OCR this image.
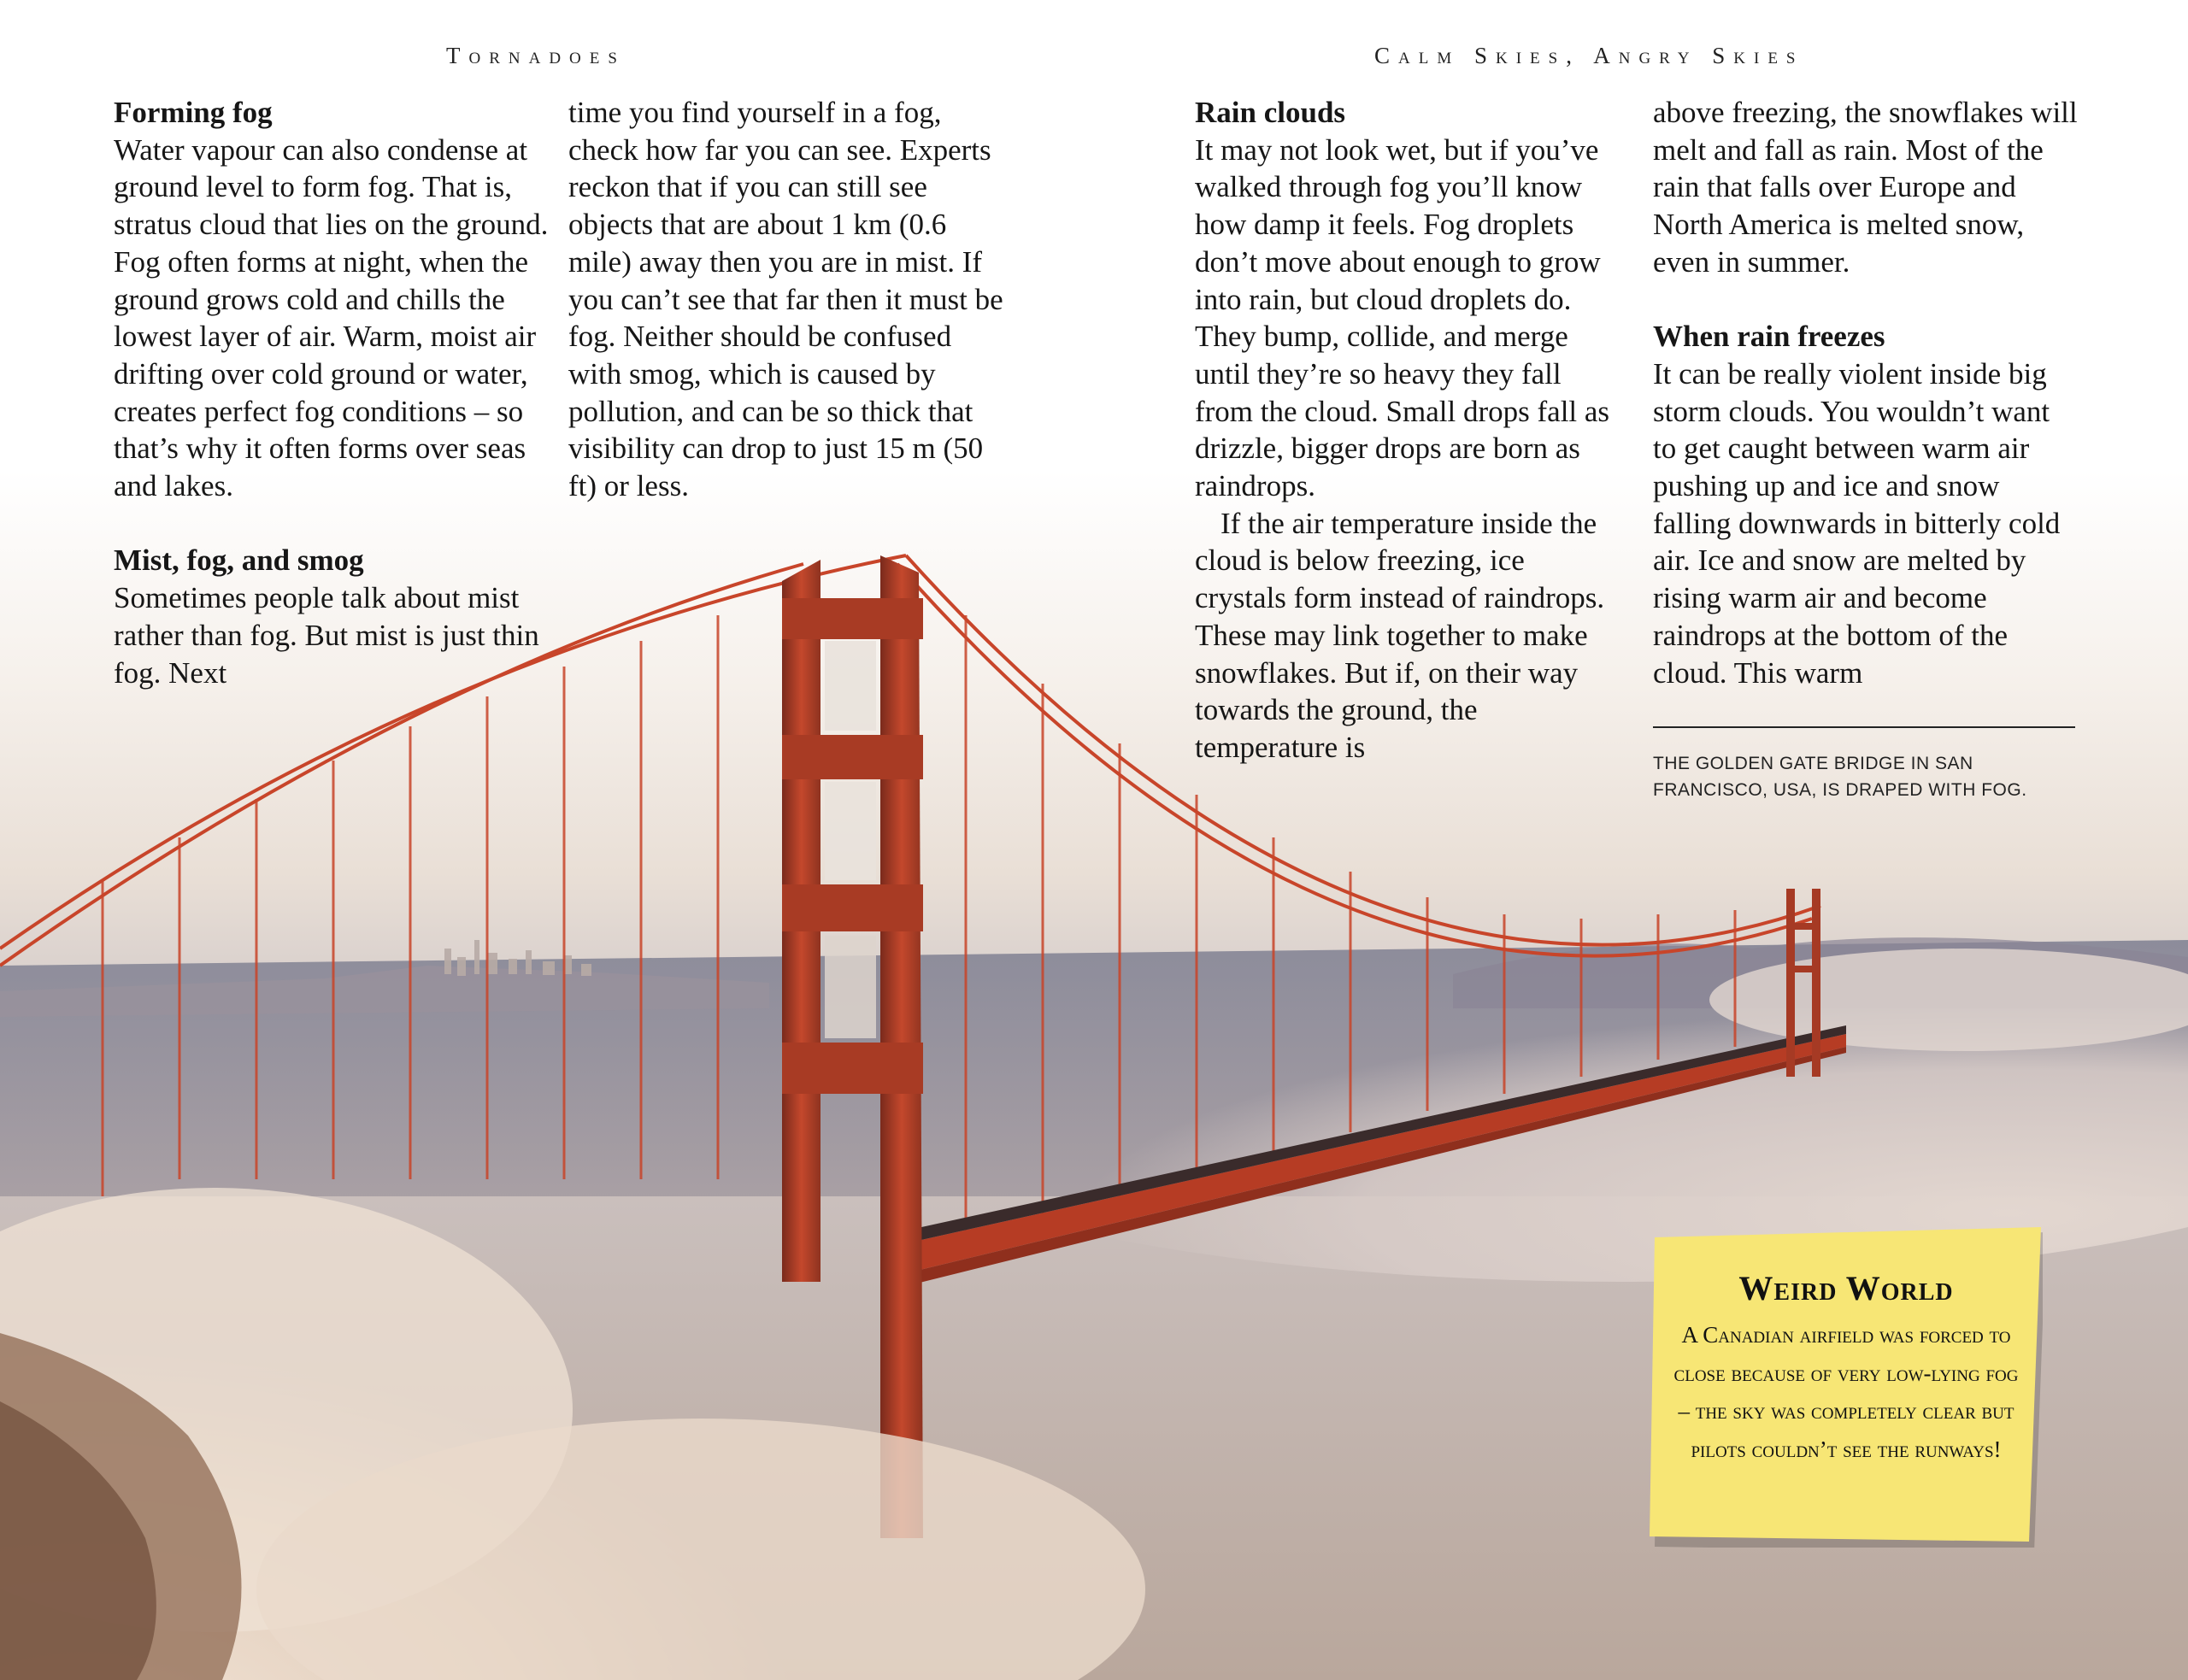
Tornadoes	Calm Skies, Angry Skies
Forming fog

Water vapour can also condense at ground level to form fog. That is, stratus cloud that lies on the ground. Fog often forms at night, when the ground grows cold and chills the lowest layer of air. Warm, moist air drifting over cold ground or water, creates perfect fog conditions – so that’s why it often forms over seas and lakes.

Mist, fog, and smog

Sometimes people talk about mist rather than fog. But mist is just thin fog. Next

time you find yourself in a fog, check how far you can see. Experts reckon that if you can still see objects that are about 1 km (0.6 mile) away then you are in mist. If you can’t see that far then it must be fog. Neither should be confused with smog, which is caused by pollution, and can be so thick that visibility can drop to just 15 m (50 ft) or less.

Rain clouds

It may not look wet, but if you’ve walked through fog you’ll know how damp it feels. Fog droplets don’t move about enough to grow into rain, but cloud droplets do. They bump, collide, and merge until they’re so heavy they fall from the cloud. Small drops fall as drizzle, bigger drops are born as raindrops.

If the air temperature inside the cloud is below freezing, ice crystals form instead of raindrops. These may link together to make snowflakes. But if, on their way towards the ground, the temperature is

above freezing, the snowflakes will melt and fall as rain. Most of the rain that falls over Europe and North America is melted snow, even in summer.

When rain freezes

It can be really violent inside big storm clouds. You wouldn’t want to get caught between warm air pushing up and ice and snow falling downwards in bitterly cold air. Ice and snow are melted by rising warm air and become raindrops at the bottom of the cloud. This warm

THE GOLDEN GATE BRIDGE IN SAN FRANCISCO, USA, IS DRAPED WITH FOG.
Weird World
A Canadian airfield was forced to close because of very low-lying fog – the sky was completely clear but pilots couldn’t see the runways!
